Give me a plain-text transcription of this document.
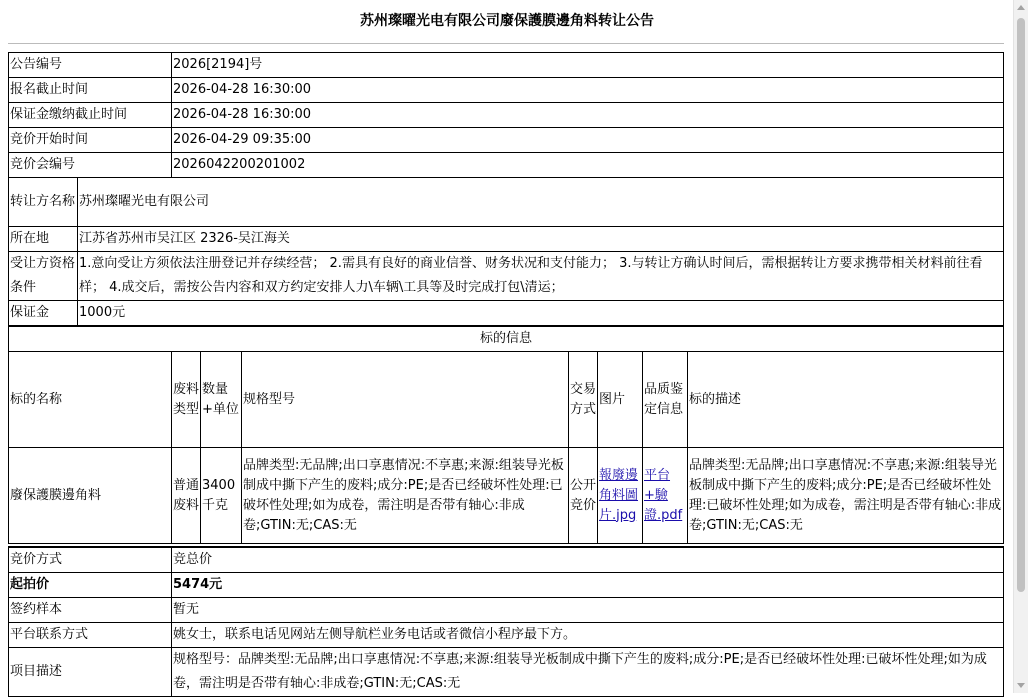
苏州璨曜光电有限公司廢保護膜邊角料转让公告
公告编号	2026[2194]号
报名截止时间	2026-04-28 16:30:00
保证金缴纳截止时间	2026-04-28 16:30:00
竞价开始时间	2026-04-29 09:35:00
竞价会编号	2026042200201002
转让方名称	苏州璨曜光电有限公司
所在地	江苏省苏州市吴江区 2326-吴江海关
受让方资格条件	1.意向受让方须依法注册登记并存续经营； 2.需具有良好的商业信誉、财务状况和支付能力； 3.与转让方确认时间后，需根据转让方要求携带相关材料前往看样； 4.成交后，需按公告内容和双方约定安排人力\车辆\工具等及时完成打包\清运；
保证金	1000元
标的信息							
标的名称	废料类型	数量+单位	规格型号	交易方式	图片	品质鉴定信息	标的描述
廢保護膜邊角料	普通废料	3400千克	品牌类型:无品牌;出口享惠情况:不享惠;来源:组装导光板制成中撕下产生的废料;成分:PE;是否已经破坏性处理:已破坏性处理;如为成卷，需注明是否带有轴心:非成卷;GTIN:无;CAS:无	公开竞价	報廢邊角料圖片.jpg	平台+驗證.pdf	品牌类型:无品牌;出口享惠情况:不享惠;来源:组装导光板制成中撕下产生的废料;成分:PE;是否已经破坏性处理:已破坏性处理;如为成卷，需注明是否带有轴心:非成卷;GTIN:无;CAS:无
竞价方式	竞总价
起拍价	5474元
签约样本	暂无
平台联系方式	姚女士，联系电话见网站左侧导航栏业务电话或者微信小程序最下方。
项目描述	规格型号：品牌类型:无品牌;出口享惠情况:不享惠;来源:组装导光板制成中撕下产生的废料;成分:PE;是否已经破坏性处理:已破坏性处理;如为成卷，需注明是否带有轴心:非成卷;GTIN:无;CAS:无
